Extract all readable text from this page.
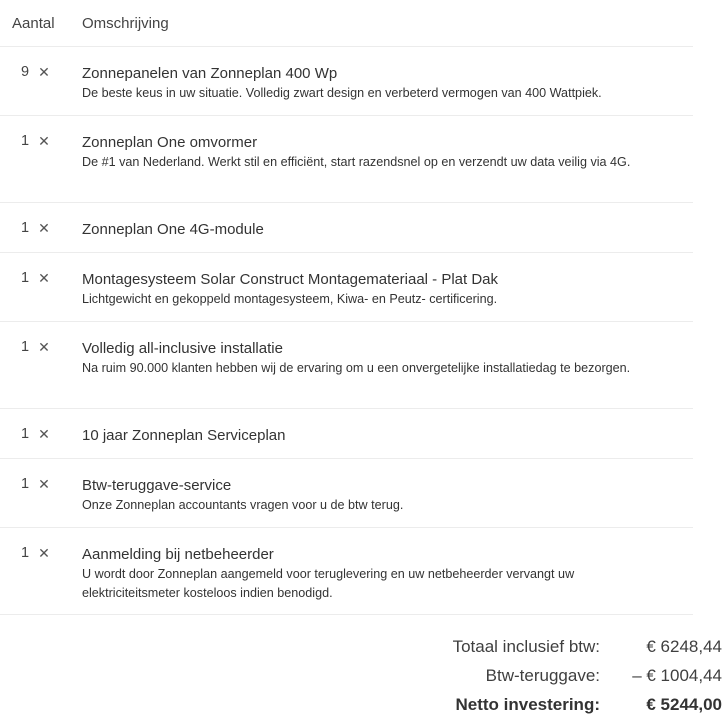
Aantal	Omschrijving
9 ✕ Zonnepanelen van Zonneplan 400 Wp
De beste keus in uw situatie. Volledig zwart design en verbeterd vermogen van 400 Wattpiek.
1 ✕ Zonneplan One omvormer
De #1 van Nederland. Werkt stil en efficiënt, start razendsnel op en verzendt uw data veilig via 4G.
1 ✕ Zonneplan One 4G-module
1 ✕ Montagesysteem Solar Construct Montagemateriaal - Plat Dak
Lichtgewicht en gekoppeld montagesysteem, Kiwa- en Peutz- certificering.
1 ✕ Volledig all-inclusive installatie
Na ruim 90.000 klanten hebben wij de ervaring om u een onvergetelijke installatiedag te bezorgen.
1 ✕ 10 jaar Zonneplan Serviceplan
1 ✕ Btw-teruggave-service
Onze Zonneplan accountants vragen voor u de btw terug.
1 ✕ Aanmelding bij netbeheerder
U wordt door Zonneplan aangemeld voor teruglevering en uw netbeheerder vervangt uw elektriciteitsmeter kosteloos indien benodigd.
Totaal inclusief btw:	€ 6248,44
Btw-teruggave:	– € 1004,44
Netto investering:	€ 5244,00
